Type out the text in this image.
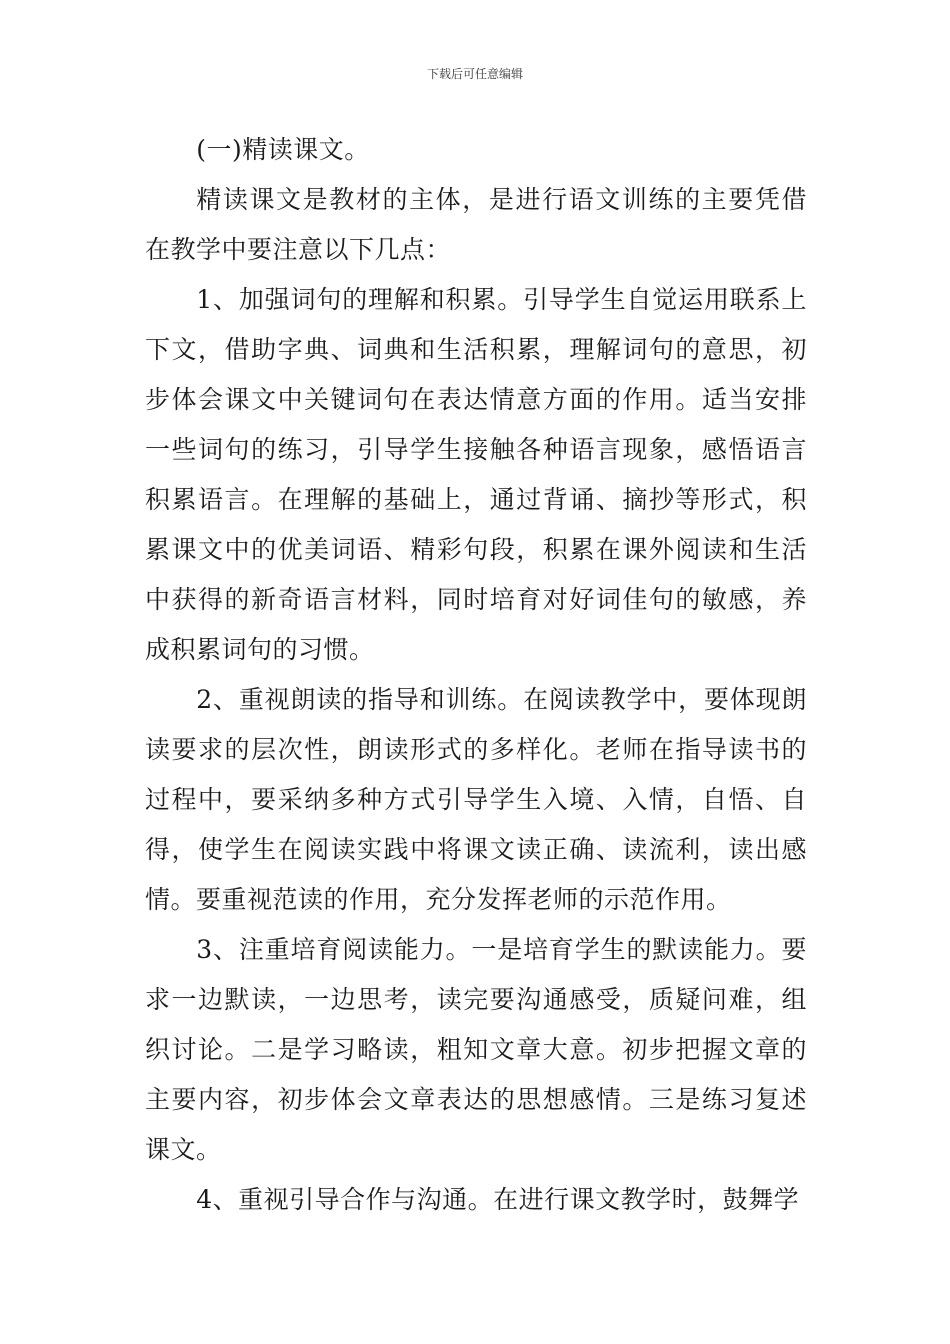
下载后可任意编辑

(一)精读课文。

精读课文是教材的主体，是进行语文训练的主要凭借在教学中要注意以下几点：

1、加强词句的理解和积累。引导学生自觉运用联系上下文，借助字典、词典和生活积累，理解词句的意思，初步体会课文中关键词句在表达情意方面的作用。适当安排一些词句的练习，引导学生接触各种语言现象，感悟语言积累语言。在理解的基础上，通过背诵、摘抄等形式，积累课文中的优美词语、精彩句段，积累在课外阅读和生活中获得的新奇语言材料，同时培育对好词佳句的敏感，养成积累词句的习惯。

2、重视朗读的指导和训练。在阅读教学中，要体现朗读要求的层次性，朗读形式的多样化。老师在指导读书的过程中，要采纳多种方式引导学生入境、入情，自悟、自得，使学生在阅读实践中将课文读正确、读流利，读出感情。要重视范读的作用，充分发挥老师的示范作用。

3、注重培育阅读能力。一是培育学生的默读能力。要求一边默读，一边思考，读完要沟通感受，质疑问难，组织讨论。二是学习略读，粗知文章大意。初步把握文章的主要内容，初步体会文章表达的思想感情。三是练习复述课文。

4、重视引导合作与沟通。在进行课文教学时，鼓舞学
